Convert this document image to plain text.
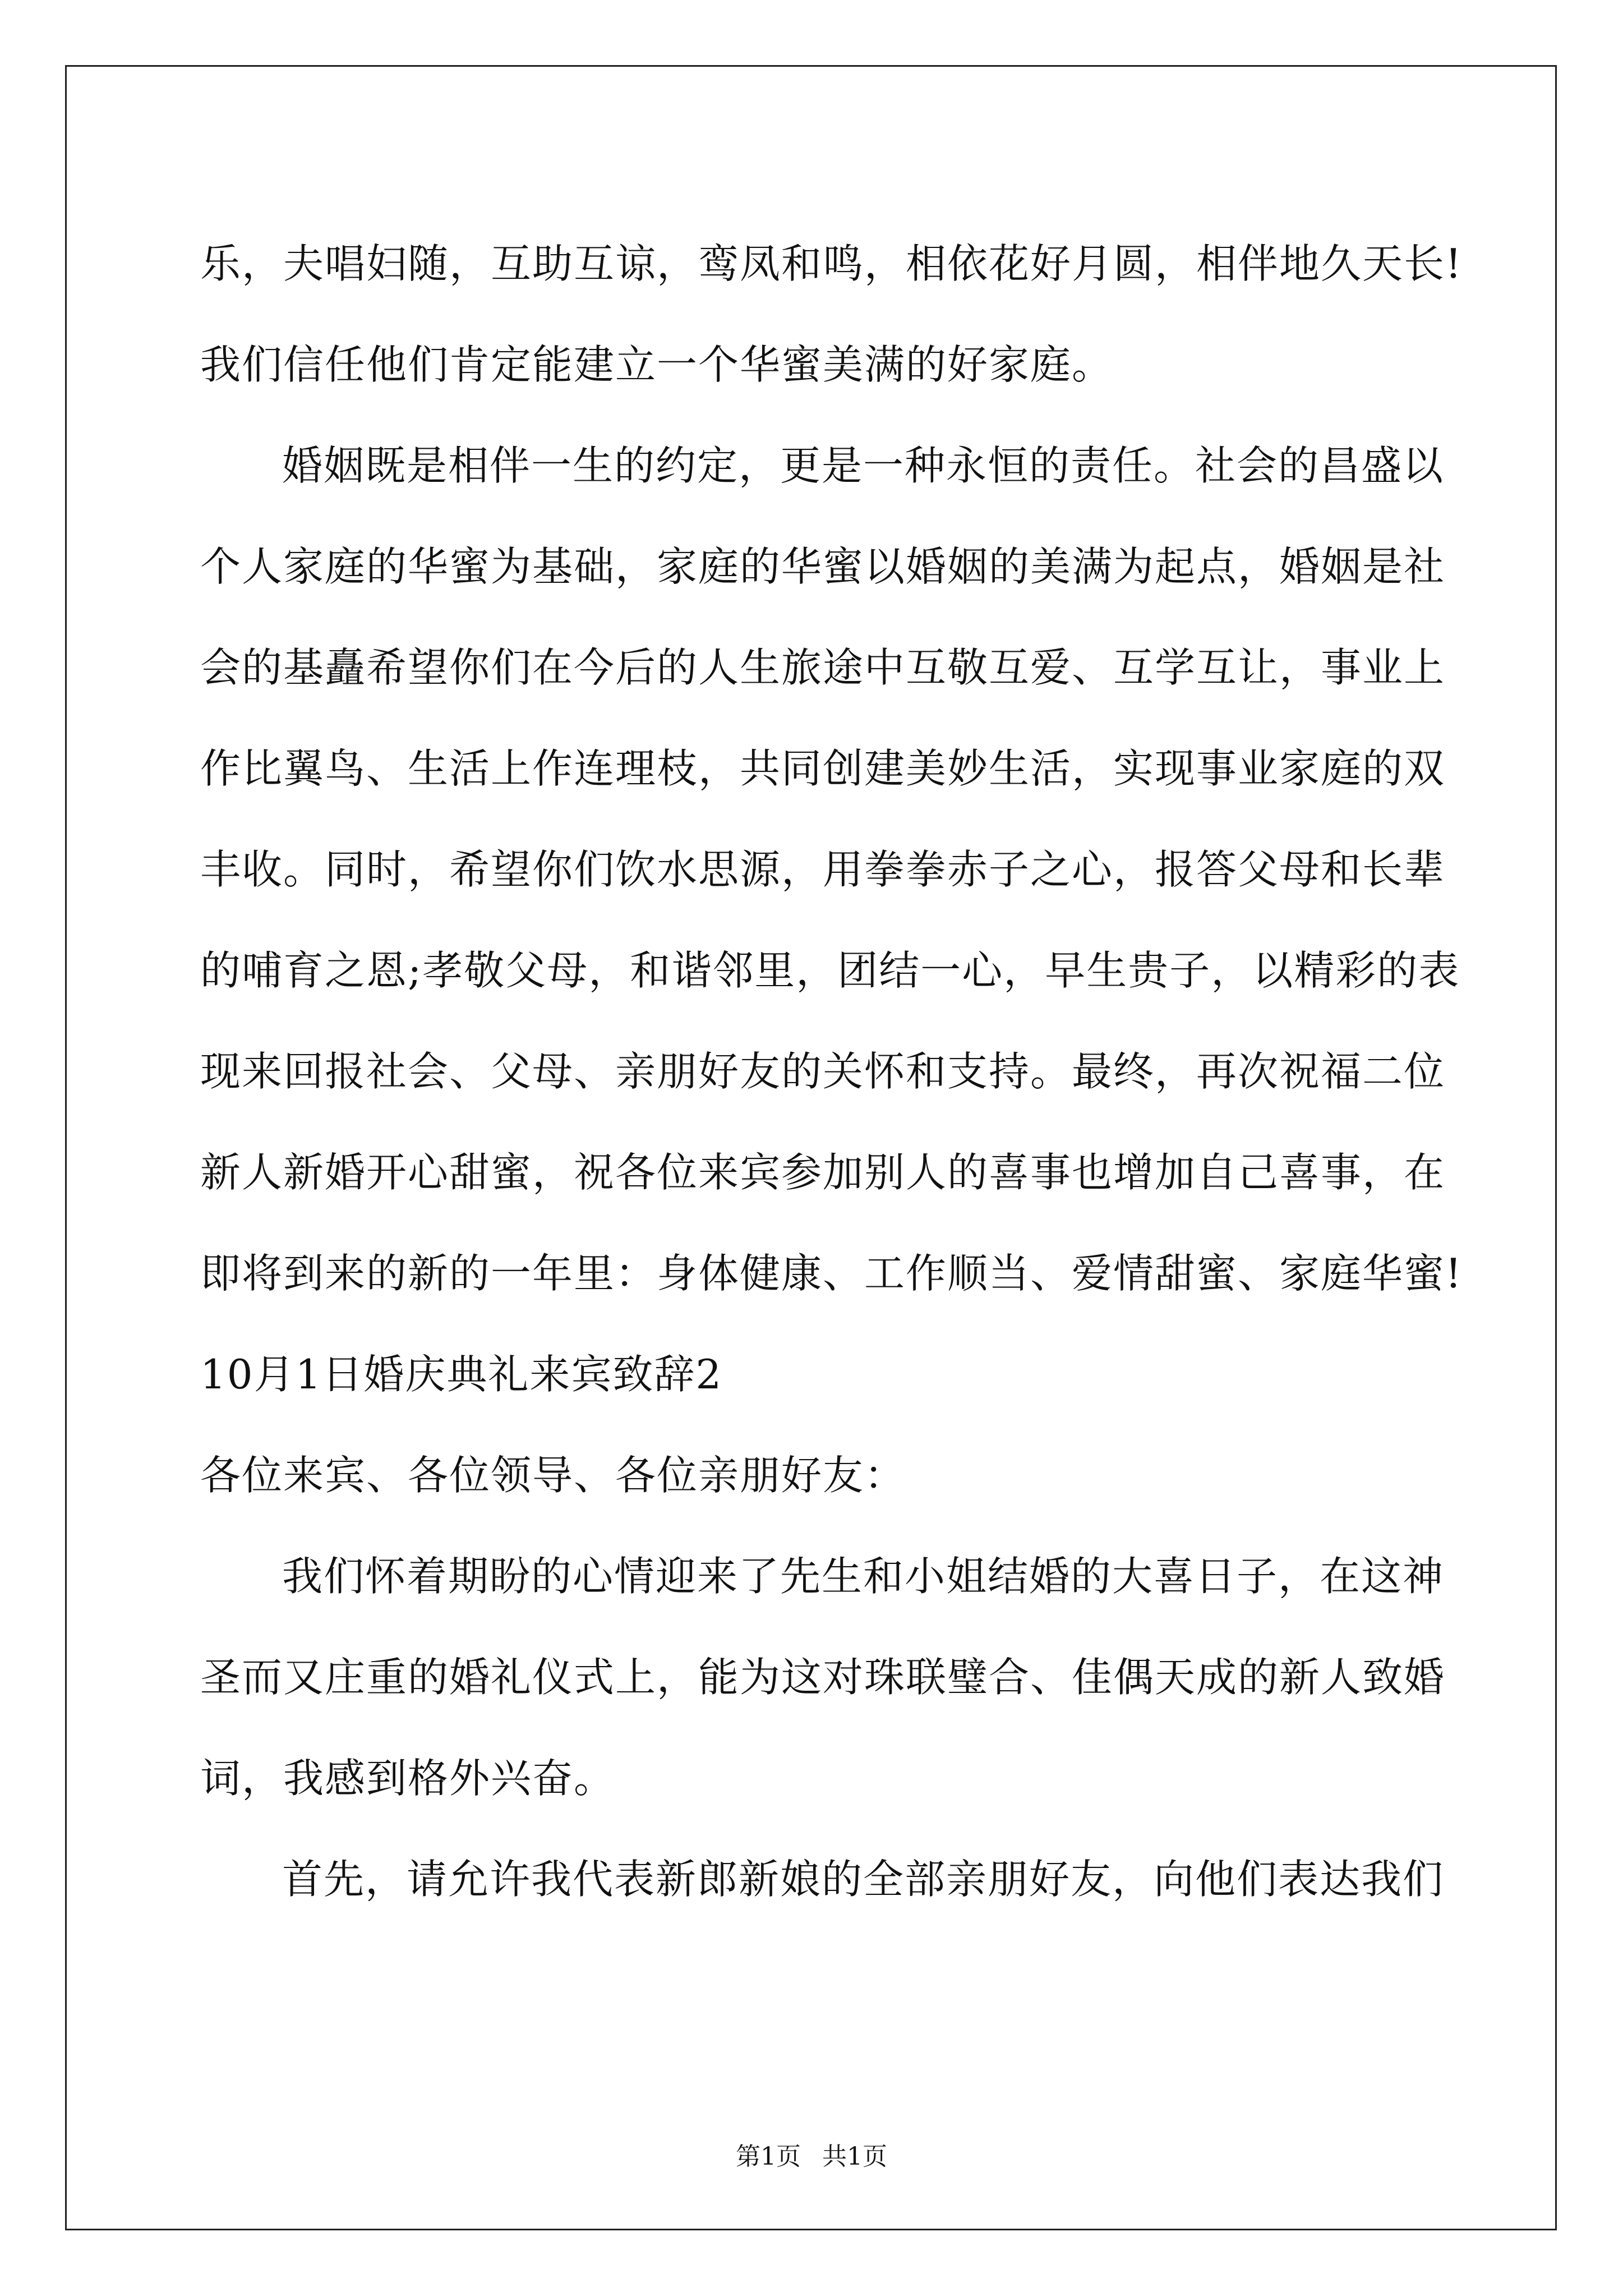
乐，夫唱妇随，互助互谅，鸾凤和鸣，相依花好月圆，相伴地久天长!
我们信任他们肯定能建立一个华蜜美满的好家庭。
婚姻既是相伴一生的约定，更是一种永恒的责任。社会的昌盛以
个人家庭的华蜜为基础，家庭的华蜜以婚姻的美满为起点，婚姻是社
会的基矗希望你们在今后的人生旅途中互敬互爱、互学互让，事业上
作比翼鸟、生活上作连理枝，共同创建美妙生活，实现事业家庭的双
丰收。同时，希望你们饮水思源，用拳拳赤子之心，报答父母和长辈
的哺育之恩;孝敬父母，和谐邻里，团结一心，早生贵子，以精彩的表
现来回报社会、父母、亲朋好友的关怀和支持。最终，再次祝福二位
新人新婚开心甜蜜，祝各位来宾参加别人的喜事也增加自己喜事，在
即将到来的新的一年里：身体健康、工作顺当、爱情甜蜜、家庭华蜜!
10月1日婚庆典礼来宾致辞2
各位来宾、各位领导、各位亲朋好友：
我们怀着期盼的心情迎来了先生和小姐结婚的大喜日子，在这神
圣而又庄重的婚礼仪式上，能为这对珠联璧合、佳偶天成的新人致婚
词，我感到格外兴奋。
首先，请允许我代表新郎新娘的全部亲朋好友，向他们表达我们
第1页 共1页
